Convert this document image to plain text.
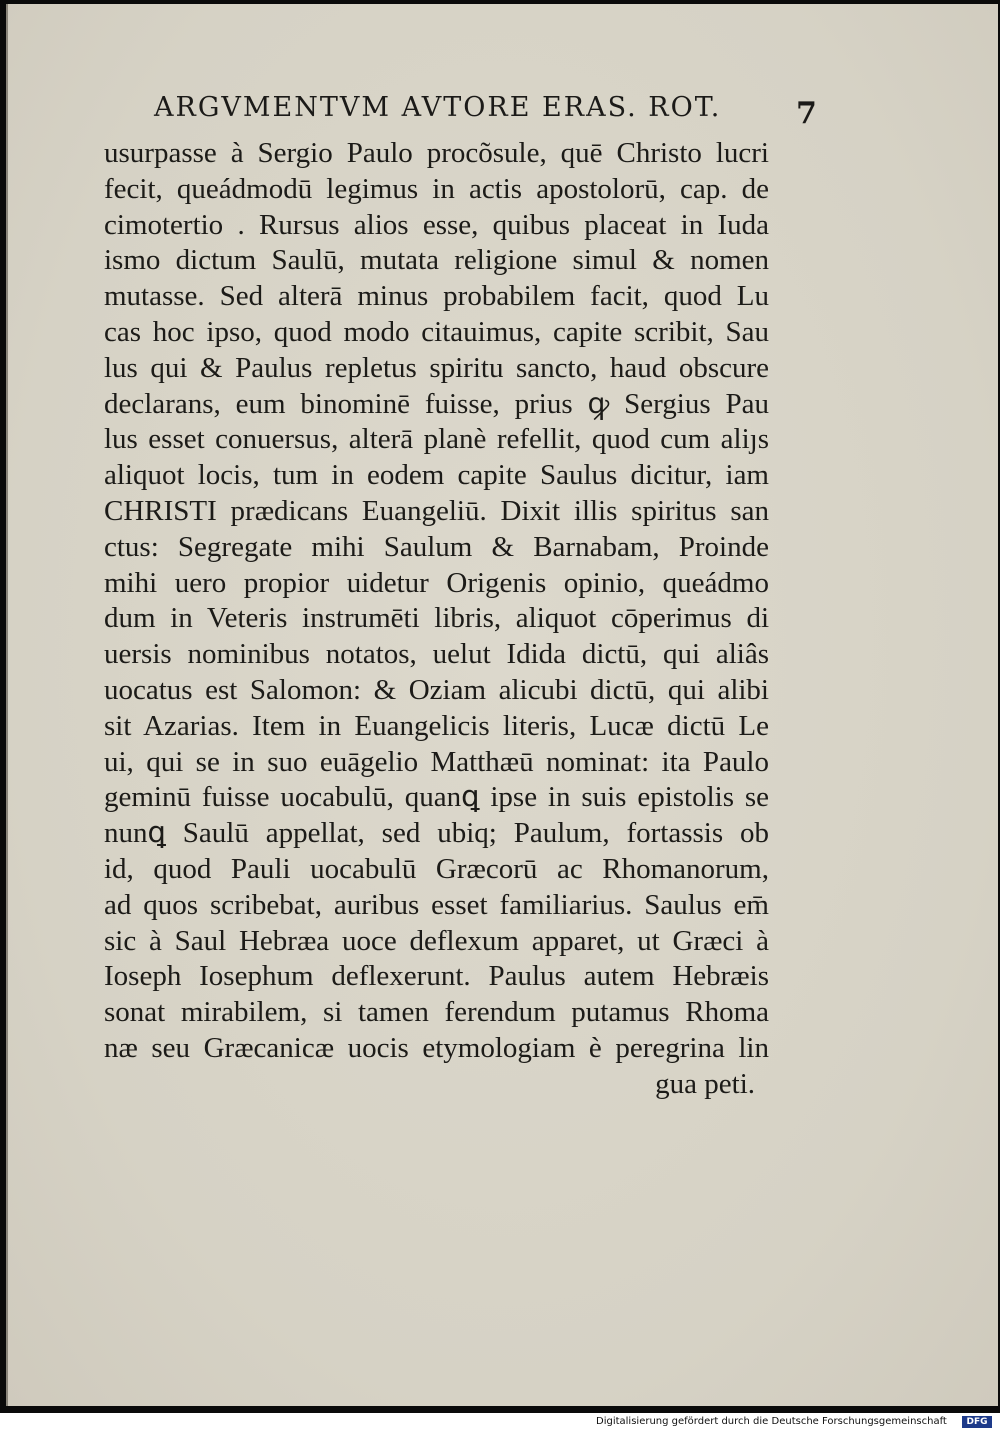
ARGVMENTVM AVTORE ERAS. ROT.	7
usurpasse à Sergio Paulo procõsule, quē Christo lucri
fecit, queádmodū legimus in actis apostolorū, cap. de
cimotertio . Rursus alios esse, quibus placeat in Iuda
ismo dictum Saulū, mutata religione simul & nomen
mutasse. Sed alterā minus probabilem facit, quod Lu
cas hoc ipso, quod modo citauimus, capite scribit, Sau
lus qui & Paulus repletus spiritu sancto, haud obscure
declarans, eum binominē fuisse, prius ꝙ Sergius Pau
lus esset conuersus, alterā planè refellit, quod cum aliȷs
aliquot locis, tum in eodem capite Saulus dicitur, iam
CHRISTI prædicans Euangeliū. Dixit illis spiritus san
ctus: Segregate mihi Saulum & Barnabam, Proinde
mihi uero propior uidetur Origenis opinio, queádmo
dum in Veteris instrumēti libris, aliquot cōperimus di
uersis nominibus notatos, uelut Idida dictū, qui aliâs
uocatus est Salomon: & Oziam alicubi dictū, qui alibi
sit Azarias. Item in Euangelicis literis, Lucæ dictū Le
ui, qui se in suo euāgelio Matthæū nominat: ita Paulo
geminū fuisse uocabulū, quanꝗ ipse in suis epistolis se
nunꝗ Saulū appellat, sed ubiq; Paulum, fortassis ob
id, quod Pauli uocabulū Græcorū ac Rhomanorum,
ad quos scribebat, auribus esset familiarius. Saulus em̄
sic à Saul Hebræa uoce deflexum apparet, ut Græci à
Ioseph Iosephum deflexerunt. Paulus autem Hebræis
sonat mirabilem, si tamen ferendum putamus Rhoma
næ seu Græcanicæ uocis etymologiam è peregrina lin
gua peti.
Digitalisierung gefördert durch die Deutsche Forschungsgemeinschaft	DFG
